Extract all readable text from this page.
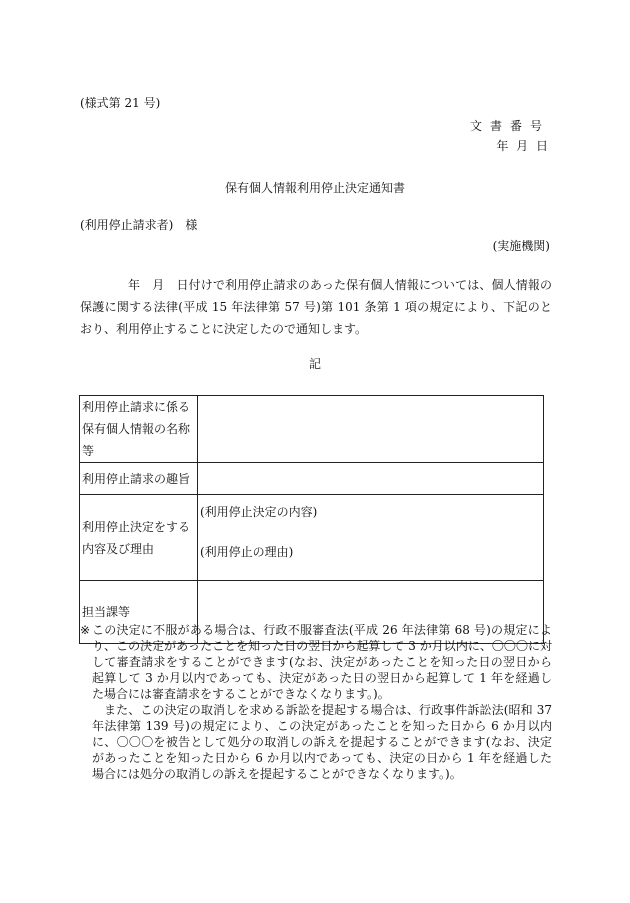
(様式第 21 号)
文書番号
年 月 日
保有個人情報利用停止決定通知書
(利用停止請求者)　様
(実施機関)
年　月　日付けで利用停止請求のあった保有個人情報については、個人情報の保護に関する法律(平成 15 年法律第 57 号)第 101 条第 1 項の規定により、下記のとおり、利用停止することに決定したので通知します。
記
利用停止請求に係る保有個人情報の名称等	
利用停止請求の趣旨	
利用停止決定をする内容及び理由	(利用停止決定の内容)
(利用停止の理由)

担当課等	
※ この決定に不服がある場合は、行政不服審査法(平成 26 年法律第 68 号)の規定により、この決定があったことを知った日の翌日から起算して 3 か月以内に、〇〇〇に対して審査請求をすることができます(なお、決定があったことを知った日の翌日から起算して 3 か月以内であっても、決定があった日の翌日から起算して 1 年を経過した場合には審査請求をすることができなくなります。)。

また、この決定の取消しを求める訴訟を提起する場合は、行政事件訴訟法(昭和 37 年法律第 139 号)の規定により、この決定があったことを知った日から 6 か月以内に、〇〇〇を被告として処分の取消しの訴えを提起することができます(なお、決定があったことを知った日から 6 か月以内であっても、決定の日から 1 年を経過した場合には処分の取消しの訴えを提起することができなくなります。)。
